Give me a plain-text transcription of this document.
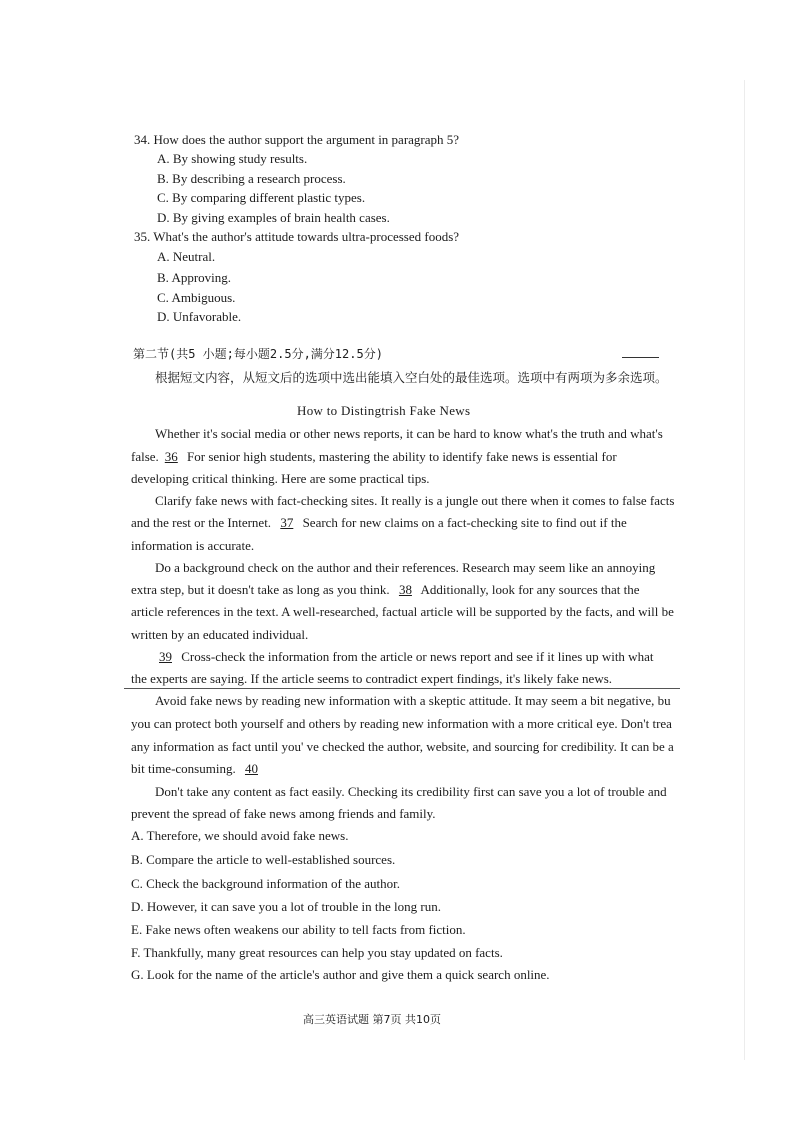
34. How does the author support the argument in paragraph 5?
A. By showing study results.
B. By describing a research process.
C. By comparing different plastic types.
D. By giving examples of brain health cases.
35. What's the author's attitude towards ultra-processed foods?
A. Neutral.
B. Approving.
C. Ambiguous.
D. Unfavorable.
第二节(共5 小题;每小题2.5分,满分12.5分)
根据短文内容，从短文后的选项中选出能填入空白处的最佳选项。选项中有两项为多余选项。
How to Distingtrish Fake News
Whether it's social media or other news reports, it can be hard to know what's the truth and what's
false. 36 For senior high students, mastering the ability to identify fake news is essential for
developing critical thinking. Here are some practical tips.
Clarify fake news with fact-checking sites. It really is a jungle out there when it comes to false facts
and the rest or the Internet. 37 Search for new claims on a fact-checking site to find out if the
information is accurate.
Do a background check on the author and their references. Research may seem like an annoying
extra step, but it doesn't take as long as you think. 38 Additionally, look for any sources that the
article references in the text. A well-researched, factual article will be supported by the facts, and will be
written by an educated individual.
39 Cross-check the information from the article or news report and see if it lines up with what
the experts are saying. If the article seems to contradict expert findings, it's likely fake news.
Avoid fake news by reading new information with a skeptic attitude. It may seem a bit negative, bu
you can protect both yourself and others by reading new information with a more critical eye. Don't trea
any information as fact until you' ve checked the author, website, and sourcing for credibility. It can be a
bit time-consuming. 40
Don't take any content as fact easily. Checking its credibility first can save you a lot of trouble and
prevent the spread of fake news among friends and family.
A. Therefore, we should avoid fake news.
B. Compare the article to well-established sources.
C. Check the background information of the author.
D. However, it can save you a lot of trouble in the long run.
E. Fake news often weakens our ability to tell facts from fiction.
F. Thankfully, many great resources can help you stay updated on facts.
G. Look for the name of the article's author and give them a quick search online.
高三英语试题 第7页 共10页
